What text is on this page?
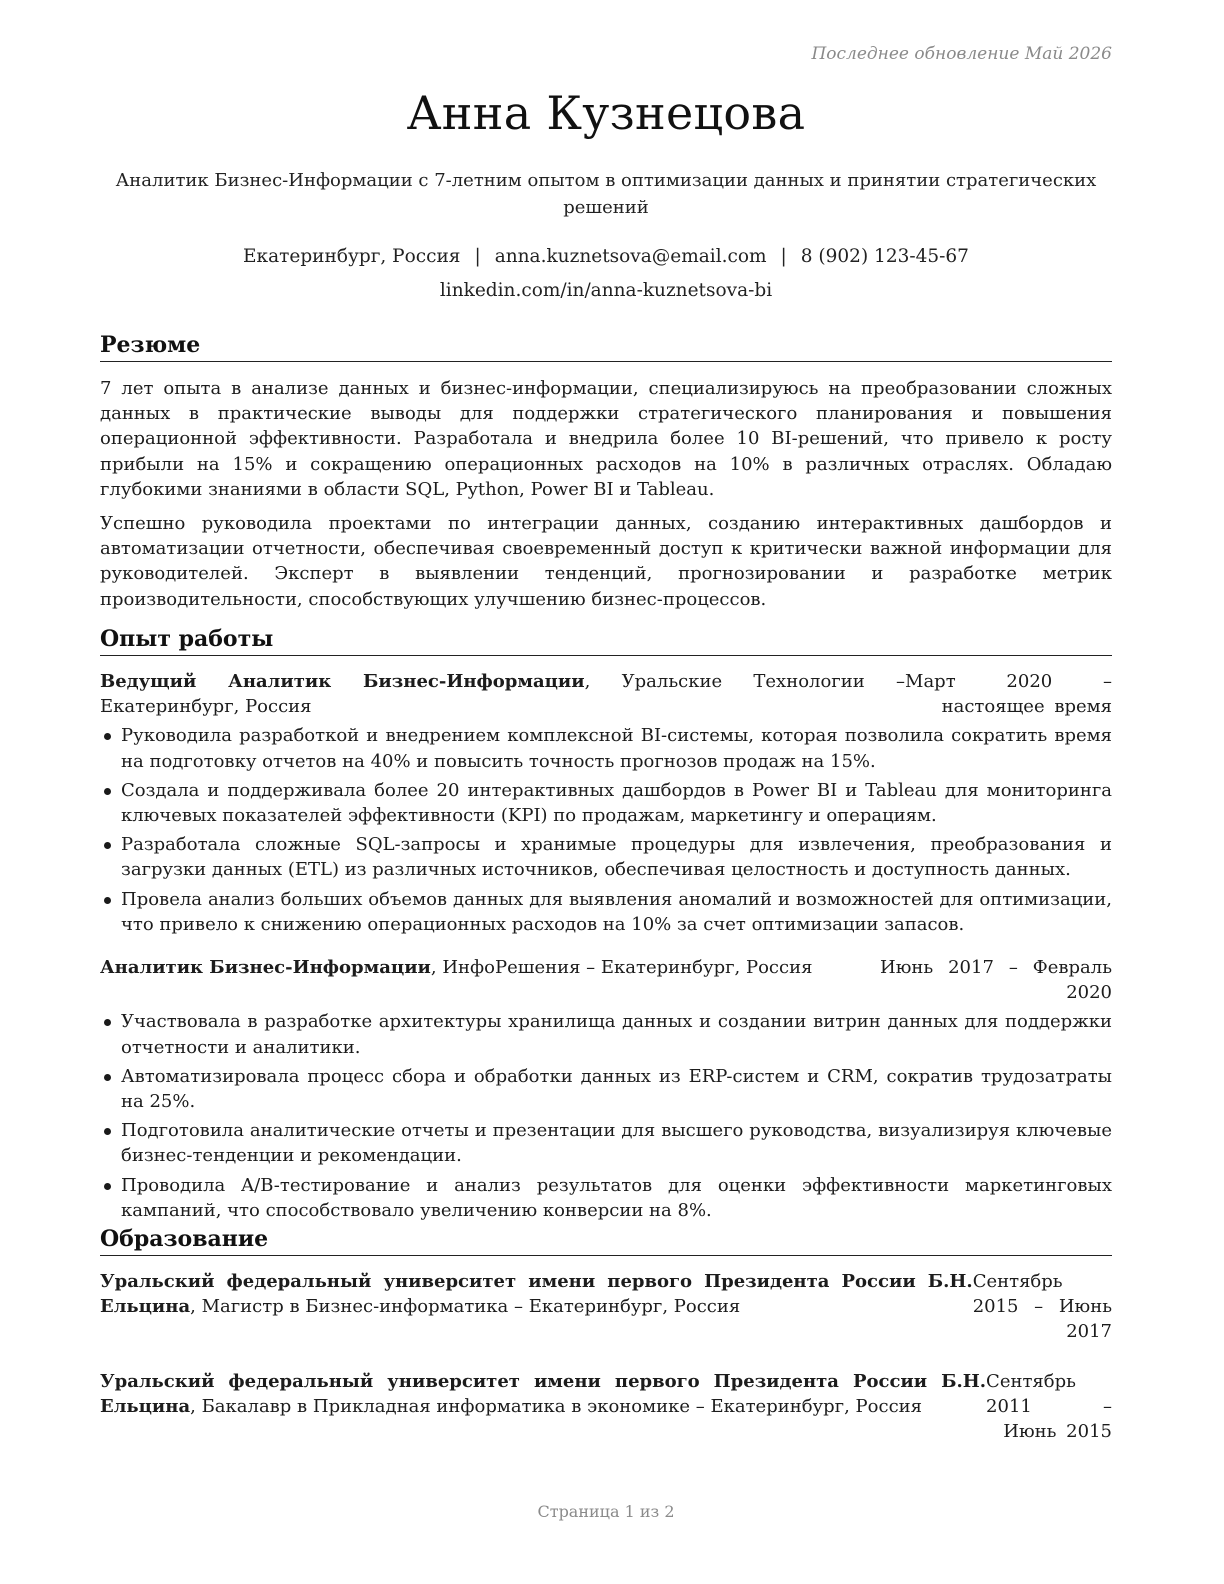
Последнее обновление Май 2026
Анна Кузнецова
Аналитик Бизнес-Информации с 7-летним опытом в оптимизации данных и принятии стратегических решений
Екатеринбург, Россия | anna.kuznetsova@email.com | 8 (902) 123-45-67
linkedin.com/in/anna-kuznetsova-bi
Резюме

7 лет опыта в анализе данных и бизнес-информации, специализируюсь на преобразовании сложных данных в практические выводы для поддержки стратегического планирования и повышения операционной эффективности. Разработала и внедрила более 10 BI-решений, что привело к росту прибыли на 15% и сокращению операционных расходов на 10% в различных отраслях. Обладаю глубокими знаниями в области SQL, Python, Power BI и Tableau.

Успешно руководила проектами по интеграции данных, созданию интерактивных дашбордов и автоматизации отчетности, обеспечивая своевременный доступ к критически важной информации для руководителей. Эксперт в выявлении тенденций, прогнозировании и разработке метрик производительности, способствующих улучшению бизнес-процессов.

Опыт работы
Ведущий Аналитик Бизнес-Информации, Уральские Технологии – Екатеринбург, Россия
Март 2020 – настоящее время
Руководила разработкой и внедрением комплексной BI-системы, которая позволила сократить время на подготовку отчетов на 40% и повысить точность прогнозов продаж на 15%.
Создала и поддерживала более 20 интерактивных дашбордов в Power BI и Tableau для мониторинга ключевых показателей эффективности (KPI) по продажам, маркетингу и операциям.
Разработала сложные SQL-запросы и хранимые процедуры для извлечения, преобразования и загрузки данных (ETL) из различных источников, обеспечивая целостность и доступность данных.
Провела анализ больших объемов данных для выявления аномалий и возможностей для оптимизации, что привело к снижению операционных расходов на 10% за счет оптимизации запасов.
Аналитик Бизнес-Информации, ИнфоРешения – Екатеринбург, Россия	Июнь 2017 – Февраль 2020
Участвовала в разработке архитектуры хранилища данных и создании витрин данных для поддержки отчетности и аналитики.
Автоматизировала процесс сбора и обработки данных из ERP-систем и CRM, сократив трудозатраты на 25%.
Подготовила аналитические отчеты и презентации для высшего руководства, визуализируя ключевые бизнес-тенденции и рекомендации.
Проводила A/B-тестирование и анализ результатов для оценки эффективности маркетинговых кампаний, что способствовало увеличению конверсии на 8%.
Образование
Уральский федеральный университет имени первого Президента России Б.Н. Ельцина, Магистр в Бизнес-информатика – Екатеринбург, Россия
Сентябрь 2015 – Июнь 2017
Уральский федеральный университет имени первого Президента России Б.Н. Ельцина, Бакалавр в Прикладная информатика в экономике – Екатеринбург, Россия
Сентябрь 2011 – Июнь 2015
Страница 1 из 2
